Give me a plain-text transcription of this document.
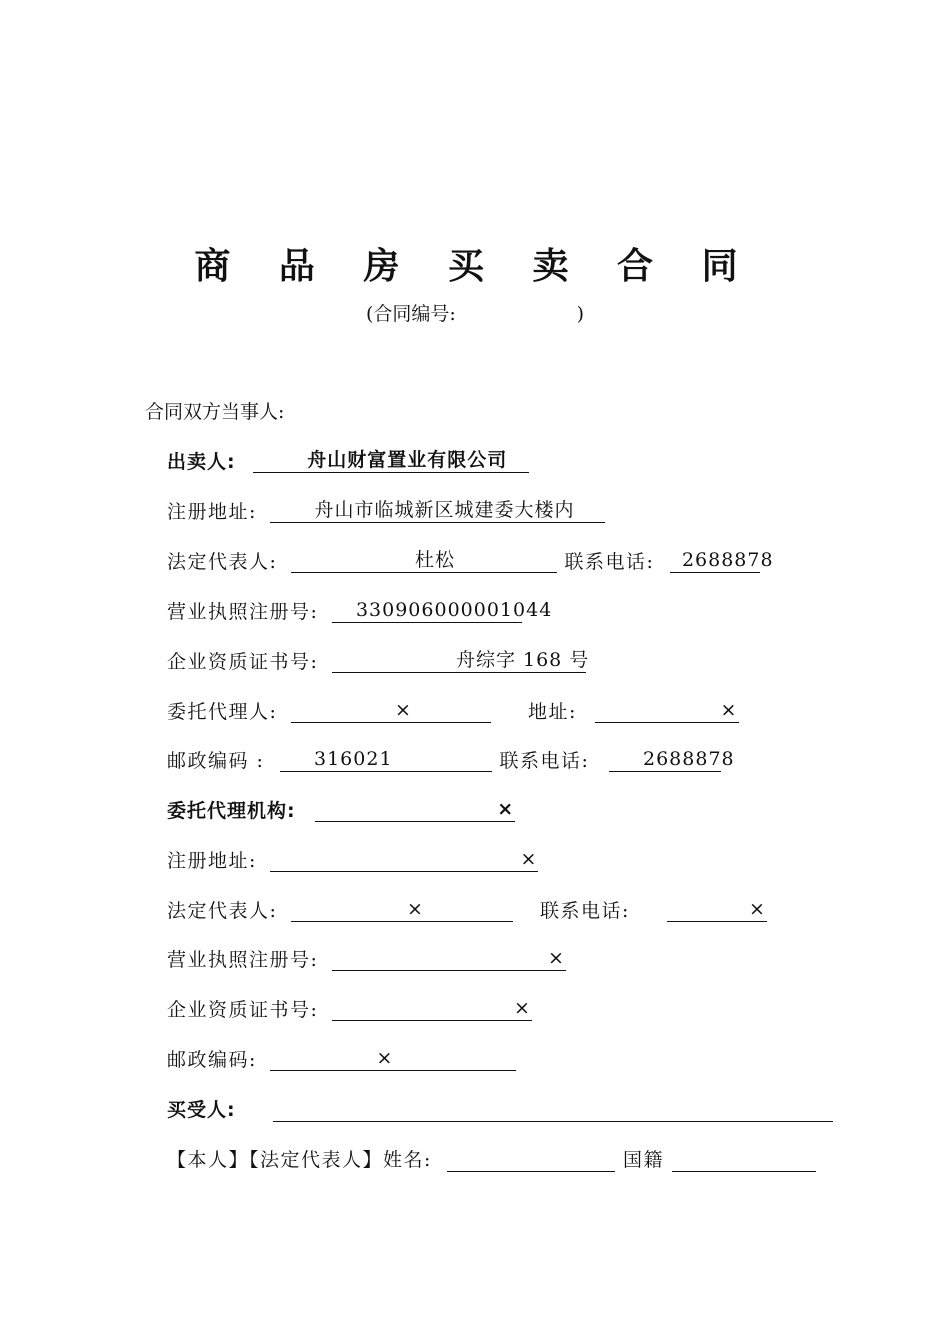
商 品 房 买 卖 合 同
(合同编号:                    )
合同双方当事人:
出卖人:	舟山财富置业有限公司
注册地址:	舟山市临城新区城建委大楼内
法定代表人:	杜松	联系电话: 2688878
营业执照注册号: 330906000001044
企业资质证书号:	舟综字 168 号
委托代理人:	×	地址:	×
邮政编码 :	316021	联系电话:	2688878
委托代理机构:	×
注册地址:	×
法定代表人:	×	联系电话:	×
营业执照注册号:	×
企业资质证书号:	×
邮政编码:	×
买受人:
【本人】【法定代表人】姓名:	国籍
